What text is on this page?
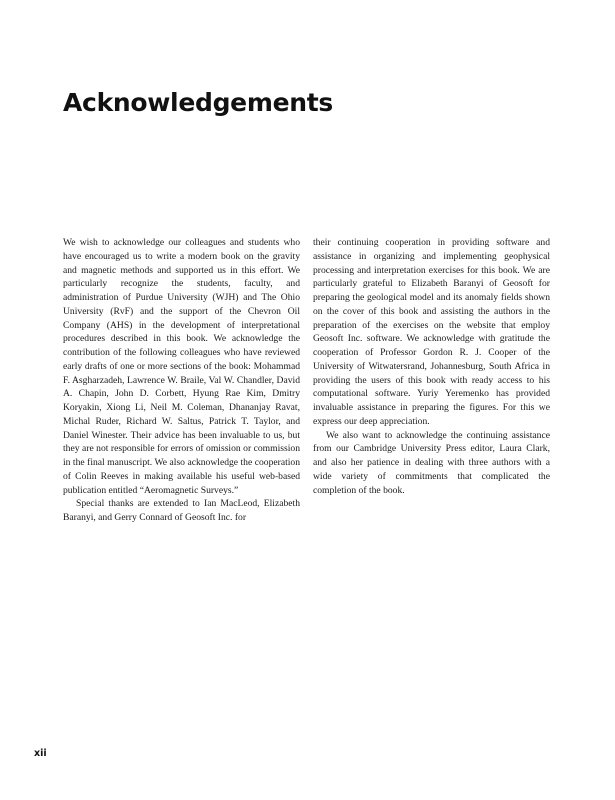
Acknowledgements

We wish to acknowledge our colleagues and students who have encouraged us to write a modern book on the gravity and magnetic methods and supported us in this effort. We particularly recognize the students, faculty, and administration of Purdue University (WJH) and The Ohio University (RvF) and the support of the Chevron Oil Company (AHS) in the development of interpretational procedures described in this book. We acknowledge the contribution of the following colleagues who have reviewed early drafts of one or more sections of the book: Mohammad F. Asgharzadeh, Lawrence W. Braile, Val W. Chandler, David A. Chapin, John D. Corbett, Hyung Rae Kim, Dmitry Koryakin, Xiong Li, Neil M. Coleman, Dhananjay Ravat, Michal Ruder, Richard W. Saltus, Patrick T. Taylor, and Daniel Winester. Their advice has been invaluable to us, but they are not responsible for errors of omission or commission in the final manuscript. We also acknowledge the cooperation of Colin Reeves in making available his useful web-based publication entitled “Aeromagnetic Surveys.”

Special thanks are extended to Ian MacLeod, Elizabeth Baranyi, and Gerry Connard of Geosoft Inc. for

their continuing cooperation in providing software and assistance in organizing and implementing geophysical processing and interpretation exercises for this book. We are particularly grateful to Elizabeth Baranyi of Geosoft for preparing the geological model and its anomaly fields shown on the cover of this book and assisting the authors in the preparation of the exercises on the website that employ Geosoft Inc. software. We acknowledge with gratitude the cooperation of Professor Gordon R. J. Cooper of the University of Witwatersrand, Johannesburg, South Africa in providing the users of this book with ready access to his computational software. Yuriy Yeremenko has provided invaluable assistance in preparing the figures. For this we express our deep appreciation.

We also want to acknowledge the continuing assistance from our Cambridge University Press editor, Laura Clark, and also her patience in dealing with three authors with a wide variety of commitments that complicated the completion of the book.

xii
